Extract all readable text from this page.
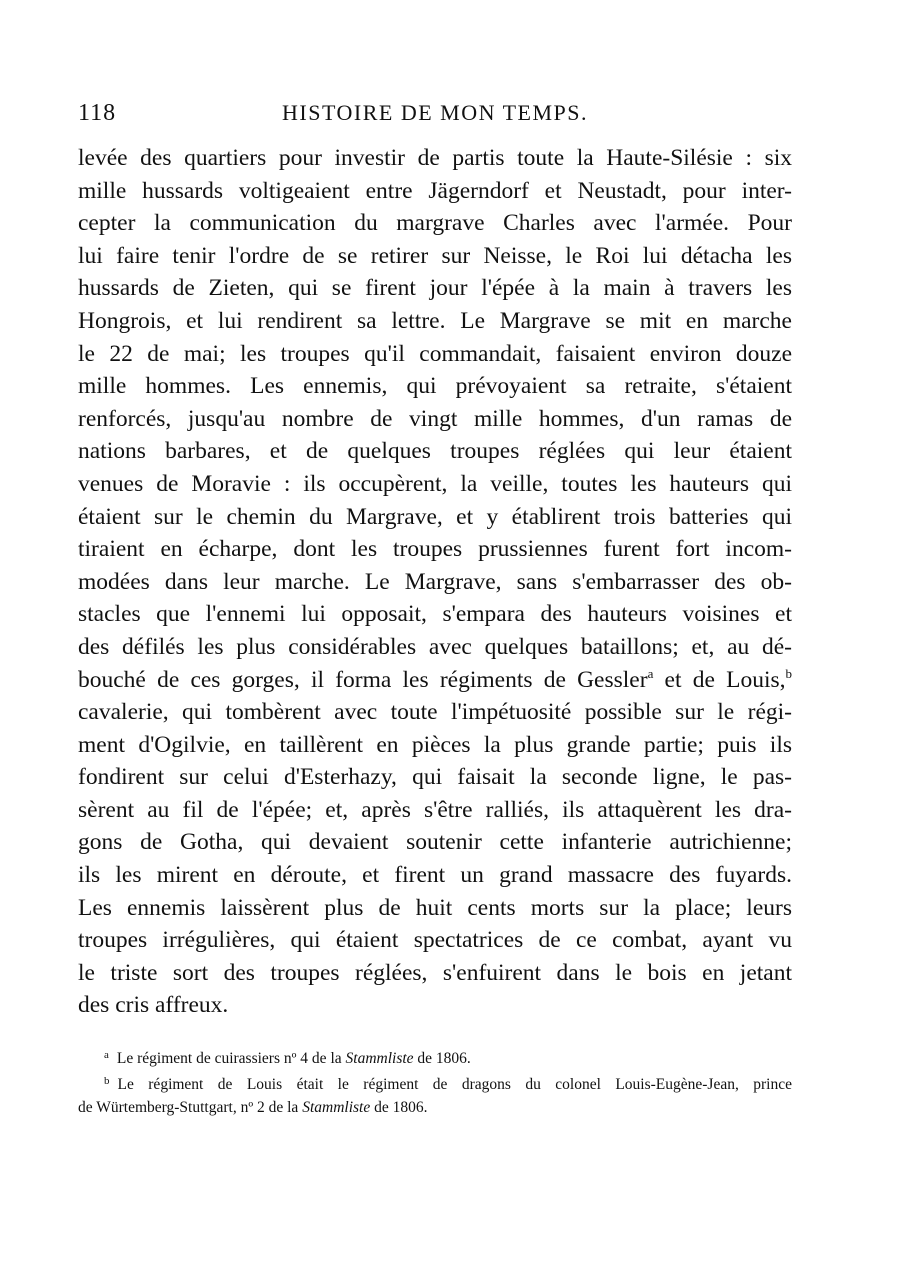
118	HISTOIRE DE MON TEMPS.
levée des quartiers pour investir de partis toute la Haute-Silésie : six
mille hussards voltigeaient entre Jägerndorf et Neustadt, pour inter-
cepter la communication du margrave Charles avec l'armée. Pour
lui faire tenir l'ordre de se retirer sur Neisse, le Roi lui détacha les
hussards de Zieten, qui se firent jour l'épée à la main à travers les
Hongrois, et lui rendirent sa lettre. Le Margrave se mit en marche
le 22 de mai; les troupes qu'il commandait, faisaient environ douze
mille hommes. Les ennemis, qui prévoyaient sa retraite, s'étaient
renforcés, jusqu'au nombre de vingt mille hommes, d'un ramas de
nations barbares, et de quelques troupes réglées qui leur étaient
venues de Moravie : ils occupèrent, la veille, toutes les hauteurs qui
étaient sur le chemin du Margrave, et y établirent trois batteries qui
tiraient en écharpe, dont les troupes prussiennes furent fort incom-
modées dans leur marche. Le Margrave, sans s'embarrasser des ob-
stacles que l'ennemi lui opposait, s'empara des hauteurs voisines et
des défilés les plus considérables avec quelques bataillons; et, au dé-
bouché de ces gorges, il forma les régiments de Gessler$^a$ et de Louis,$^b$
cavalerie, qui tombèrent avec toute l'impétuosité possible sur le régi-
ment d'Ogilvie, en taillèrent en pièces la plus grande partie; puis ils
fondirent sur celui d'Esterhazy, qui faisait la seconde ligne, le pas-
sèrent au fil de l'épée; et, après s'être ralliés, ils attaquèrent les dra-
gons de Gotha, qui devaient soutenir cette infanterie autrichienne;
ils les mirent en déroute, et firent un grand massacre des fuyards.
Les ennemis laissèrent plus de huit cents morts sur la place; leurs
troupes irrégulières, qui étaient spectatrices de ce combat, ayant vu
le triste sort des troupes réglées, s'enfuirent dans le bois en jetant
des cris affreux.
$^a$ Le régiment de cuirassiers nº 4 de la Stammliste de 1806.
$^b$ Le régiment de Louis était le régiment de dragons du colonel Louis-Eugène-Jean, prince
de Würtemberg-Stuttgart, nº 2 de la Stammliste de 1806.
